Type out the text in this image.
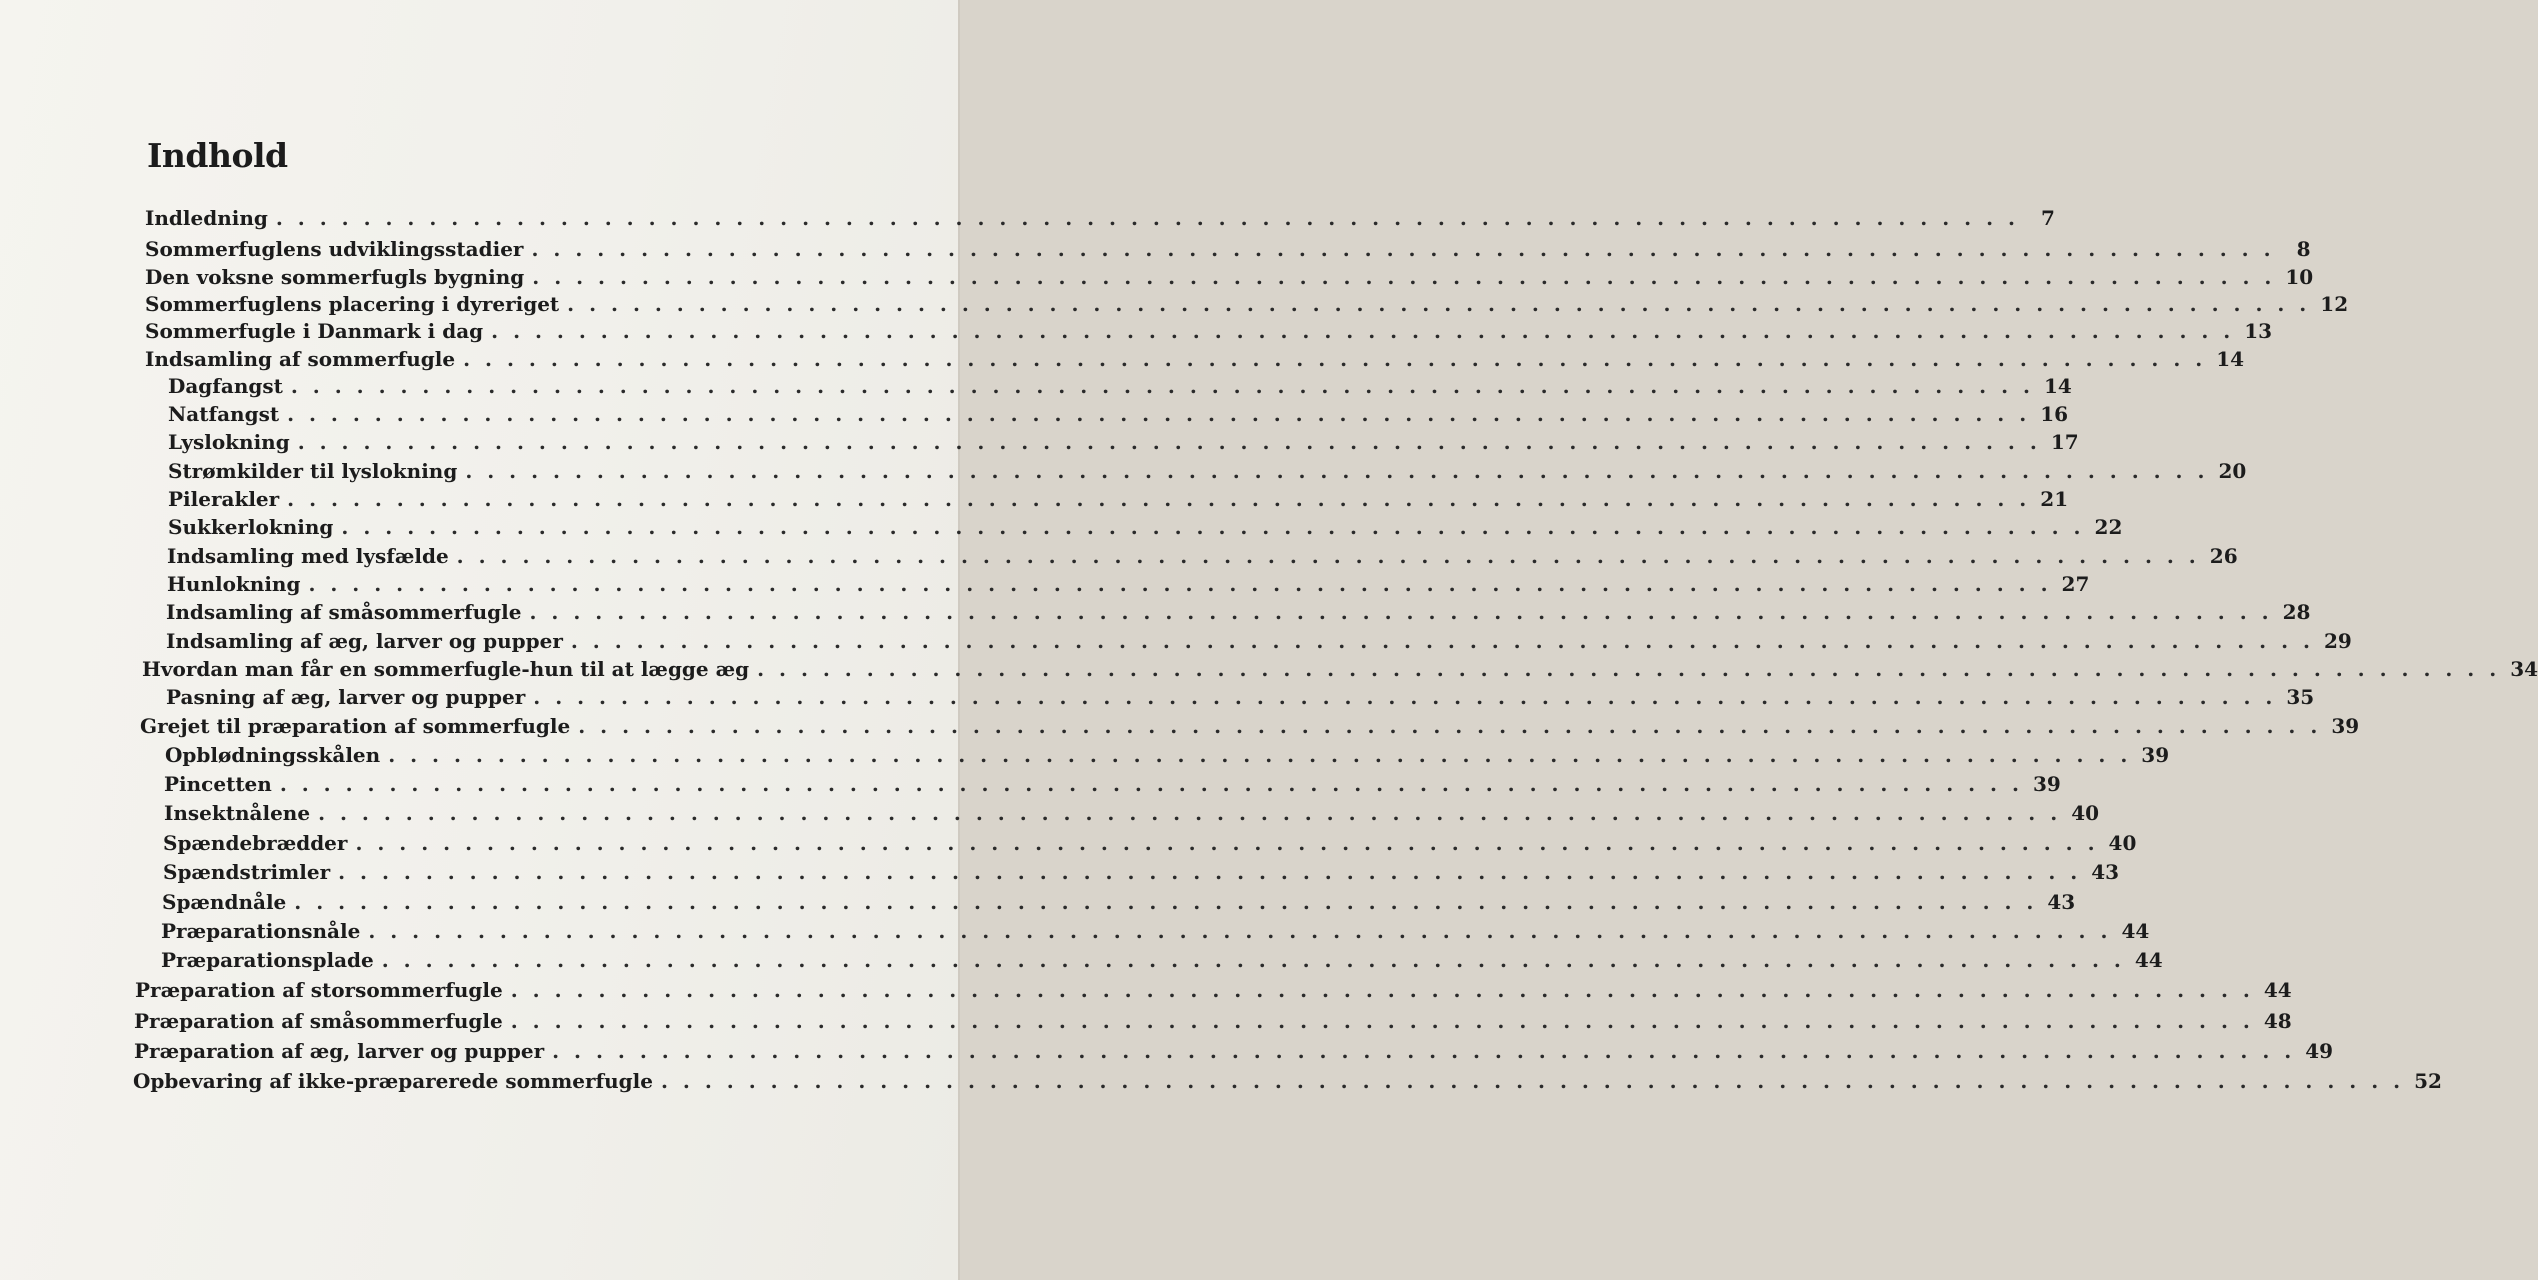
Indhold
Indledning . . . . . . . . . . . . . . . . . . . . . . . . . . . . . . . . . . . . . . . . . . . . . . . . . . . . . . . . . . . . . . . . . . . . . . . . . . . . . . . .	7
Sommerfuglens udviklingsstadier . . . . . . . . . . . . . . . . . . . . . . . . . . . . . . . . . . . . . . . . . . . . . . . . . . . . . . . . . . . . . . . . . . . . . . . . . . . . . . . .	8
Den voksne sommerfugls bygning . . . . . . . . . . . . . . . . . . . . . . . . . . . . . . . . . . . . . . . . . . . . . . . . . . . . . . . . . . . . . . . . . . . . . . . . . . . . . . . . 10
Sommerfuglens placering i dyreriget . . . . . . . . . . . . . . . . . . . . . . . . . . . . . . . . . . . . . . . . . . . . . . . . . . . . . . . . . . . . . . . . . . . . . . . . . . . . . . . . 12
Sommerfugle i Danmark i dag . . . . . . . . . . . . . . . . . . . . . . . . . . . . . . . . . . . . . . . . . . . . . . . . . . . . . . . . . . . . . . . . . . . . . . . . . . . . . . . . 13
Indsamling af sommerfugle . . . . . . . . . . . . . . . . . . . . . . . . . . . . . . . . . . . . . . . . . . . . . . . . . . . . . . . . . . . . . . . . . . . . . . . . . . . . . . . . 14
Dagfangst . . . . . . . . . . . . . . . . . . . . . . . . . . . . . . . . . . . . . . . . . . . . . . . . . . . . . . . . . . . . . . . . . . . . . . . . . . . . . . . . 14
Natfangst . . . . . . . . . . . . . . . . . . . . . . . . . . . . . . . . . . . . . . . . . . . . . . . . . . . . . . . . . . . . . . . . . . . . . . . . . . . . . . . . 16
Lyslokning . . . . . . . . . . . . . . . . . . . . . . . . . . . . . . . . . . . . . . . . . . . . . . . . . . . . . . . . . . . . . . . . . . . . . . . . . . . . . . . . 17
Strømkilder til lyslokning . . . . . . . . . . . . . . . . . . . . . . . . . . . . . . . . . . . . . . . . . . . . . . . . . . . . . . . . . . . . . . . . . . . . . . . . . . . . . . . . 20
Pilerakler . . . . . . . . . . . . . . . . . . . . . . . . . . . . . . . . . . . . . . . . . . . . . . . . . . . . . . . . . . . . . . . . . . . . . . . . . . . . . . . . 21
Sukkerlokning . . . . . . . . . . . . . . . . . . . . . . . . . . . . . . . . . . . . . . . . . . . . . . . . . . . . . . . . . . . . . . . . . . . . . . . . . . . . . . . . 22
Indsamling med lysfælde . . . . . . . . . . . . . . . . . . . . . . . . . . . . . . . . . . . . . . . . . . . . . . . . . . . . . . . . . . . . . . . . . . . . . . . . . . . . . . . . 26
Hunlokning . . . . . . . . . . . . . . . . . . . . . . . . . . . . . . . . . . . . . . . . . . . . . . . . . . . . . . . . . . . . . . . . . . . . . . . . . . . . . . . . 27
Indsamling af småsommerfugle . . . . . . . . . . . . . . . . . . . . . . . . . . . . . . . . . . . . . . . . . . . . . . . . . . . . . . . . . . . . . . . . . . . . . . . . . . . . . . . . 28
Indsamling af æg, larver og pupper . . . . . . . . . . . . . . . . . . . . . . . . . . . . . . . . . . . . . . . . . . . . . . . . . . . . . . . . . . . . . . . . . . . . . . . . . . . . . . . . 29
Hvordan man får en sommerfugle-hun til at lægge æg . . . . . . . . . . . . . . . . . . . . . . . . . . . . . . . . . . . . . . . . . . . . . . . . . . . . . . . . . . . . . . . . . . . . . . . . . . . . . . . . 34
Pasning af æg, larver og pupper . . . . . . . . . . . . . . . . . . . . . . . . . . . . . . . . . . . . . . . . . . . . . . . . . . . . . . . . . . . . . . . . . . . . . . . . . . . . . . . . 35
Grejet til præparation af sommerfugle . . . . . . . . . . . . . . . . . . . . . . . . . . . . . . . . . . . . . . . . . . . . . . . . . . . . . . . . . . . . . . . . . . . . . . . . . . . . . . . . 39
Opblødningsskålen . . . . . . . . . . . . . . . . . . . . . . . . . . . . . . . . . . . . . . . . . . . . . . . . . . . . . . . . . . . . . . . . . . . . . . . . . . . . . . . . 39
Pincetten . . . . . . . . . . . . . . . . . . . . . . . . . . . . . . . . . . . . . . . . . . . . . . . . . . . . . . . . . . . . . . . . . . . . . . . . . . . . . . . . 39
Insektnålene . . . . . . . . . . . . . . . . . . . . . . . . . . . . . . . . . . . . . . . . . . . . . . . . . . . . . . . . . . . . . . . . . . . . . . . . . . . . . . . . 40
Spændebrædder . . . . . . . . . . . . . . . . . . . . . . . . . . . . . . . . . . . . . . . . . . . . . . . . . . . . . . . . . . . . . . . . . . . . . . . . . . . . . . . . 40
Spændstrimler . . . . . . . . . . . . . . . . . . . . . . . . . . . . . . . . . . . . . . . . . . . . . . . . . . . . . . . . . . . . . . . . . . . . . . . . . . . . . . . . 43
Spændnåle . . . . . . . . . . . . . . . . . . . . . . . . . . . . . . . . . . . . . . . . . . . . . . . . . . . . . . . . . . . . . . . . . . . . . . . . . . . . . . . . 43
Præparationsnåle . . . . . . . . . . . . . . . . . . . . . . . . . . . . . . . . . . . . . . . . . . . . . . . . . . . . . . . . . . . . . . . . . . . . . . . . . . . . . . . . 44
Præparationsplade . . . . . . . . . . . . . . . . . . . . . . . . . . . . . . . . . . . . . . . . . . . . . . . . . . . . . . . . . . . . . . . . . . . . . . . . . . . . . . . . 44
Præparation af storsommerfugle . . . . . . . . . . . . . . . . . . . . . . . . . . . . . . . . . . . . . . . . . . . . . . . . . . . . . . . . . . . . . . . . . . . . . . . . . . . . . . . . 44
Præparation af småsommerfugle . . . . . . . . . . . . . . . . . . . . . . . . . . . . . . . . . . . . . . . . . . . . . . . . . . . . . . . . . . . . . . . . . . . . . . . . . . . . . . . . 48
Præparation af æg, larver og pupper . . . . . . . . . . . . . . . . . . . . . . . . . . . . . . . . . . . . . . . . . . . . . . . . . . . . . . . . . . . . . . . . . . . . . . . . . . . . . . . . 49
Opbevaring af ikke-præparerede sommerfugle . . . . . . . . . . . . . . . . . . . . . . . . . . . . . . . . . . . . . . . . . . . . . . . . . . . . . . . . . . . . . . . . . . . . . . . . . . . . . . . . 52
